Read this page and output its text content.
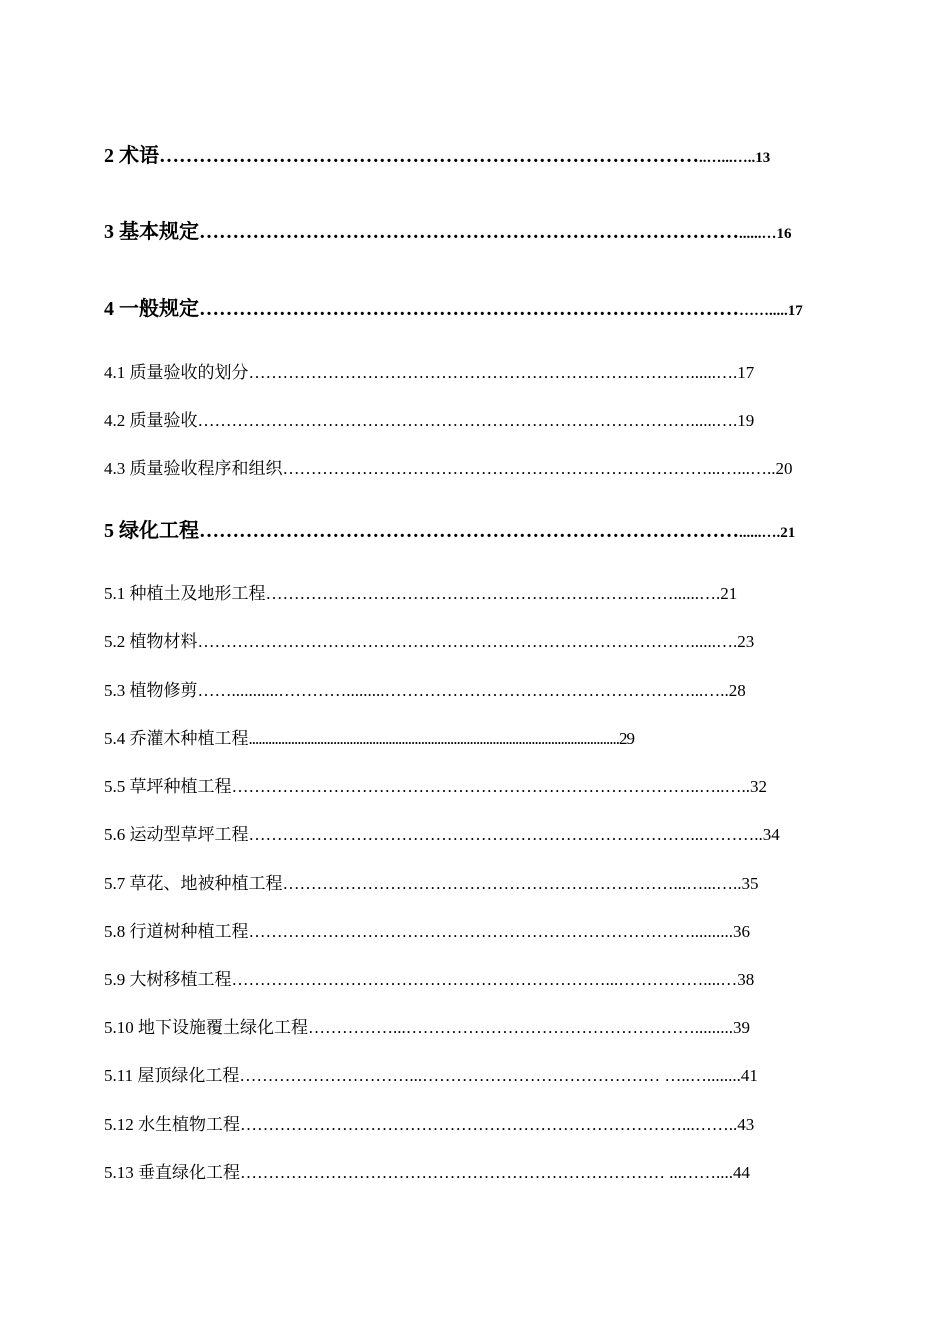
2 术语………………………………………………………………………..…...…..13
3 基本规定………………………………………………………………………......…16
4 一般规定…………………………………………………………………………….....17
4.1 质量验收的划分……………………………………………………………………......….17
4.2 质量验收……………………………………………………………………………......….19
4.3 质量验收程序和组织…………………………………………………………………...…...…..20
5 绿化工程………………………………………………………………………......….21
5.1 种植土及地形工程………………………………………………………………......….21
5.2 植物材料……………………………………………………………………………......….23
5.3 植物修剪……...........………….........………………………………………………...…..28
5.4 乔灌木种植工程..................................................................................................................29
5.5 草坪种植工程………………………………………………………………………..…..…..32
5.6 运动型草坪工程……………………………………………………………………...………..34
5.7 草花、地被种植工程……………………………………………………………...…...…..35
5.8 行道树种植工程……………………………………………………………………..........36
5.9 大树移植工程…………………………………………………………...……………....…38
5.10 地下设施覆土绿化工程……………...…………………………………………….........39
5.11 屋顶绿化工程…………………………...…………………………………… …..…........41
5.12 水生植物工程……………………………………………………………………...……..43
5.13 垂直绿化工程………………………………………………………………… ...……....44
